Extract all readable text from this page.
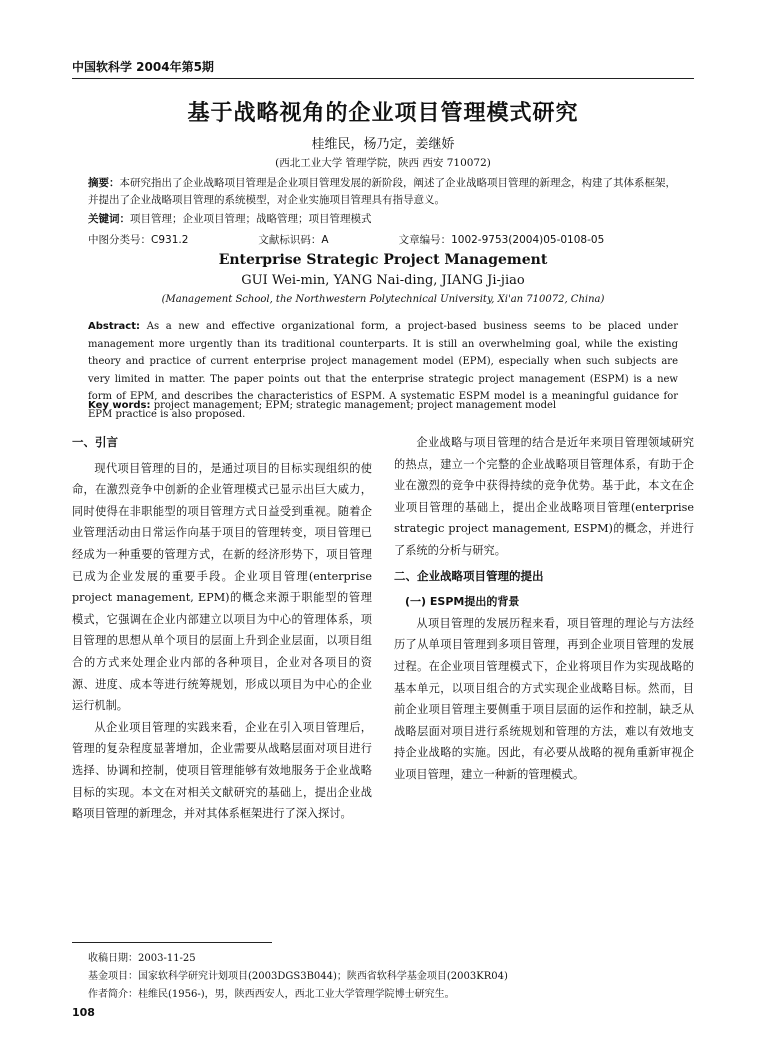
中国软科学 2004年第5期
基于战略视角的企业项目管理模式研究
桂维民，杨乃定，姜继娇
(西北工业大学 管理学院，陕西 西安 710072)
摘要：本研究指出了企业战略项目管理是企业项目管理发展的新阶段，阐述了企业战略项目管理的新理念，构建了其体系框架，并提出了企业战略项目管理的系统模型，对企业实施项目管理具有指导意义。
关键词：项目管理；企业项目管理；战略管理；项目管理模式
中图分类号：C931.2	文献标识码：A	文章编号：1002-9753(2004)05-0108-05
Enterprise Strategic Project Management
GUI Wei-min, YANG Nai-ding, JIANG Ji-jiao
(Management School, the Northwestern Polytechnical University, Xi'an 710072, China)
Abstract: As a new and effective organizational form, a project-based business seems to be placed under management more urgently than its traditional counterparts. It is still an overwhelming goal, while the existing theory and practice of current enterprise project management model (EPM), especially when such subjects are very limited in matter. The paper points out that the enterprise strategic project management (ESPM) is a new form of EPM, and describes the characteristics of ESPM. A systematic ESPM model is a meaningful guidance for EPM practice is also proposed.
Key words: project management; EPM; strategic management; project management model
一、引言

现代项目管理的目的，是通过项目的目标实现组织的使命，在激烈竞争中创新的企业管理模式已显示出巨大威力，同时使得在非职能型的项目管理方式日益受到重视。随着企业管理活动由日常运作向基于项目的管理转变，项目管理已经成为一种重要的管理方式，在新的经济形势下，项目管理已成为企业发展的重要手段。企业项目管理(enterprise project management, EPM)的概念来源于职能型的管理模式，它强调在企业内部建立以项目为中心的管理体系，项目管理的思想从单个项目的层面上升到企业层面，以项目组合的方式来处理企业内部的各种项目，企业对各项目的资源、进度、成本等进行统筹规划，形成以项目为中心的企业运行机制。

从企业项目管理的实践来看，企业在引入项目管理后，管理的复杂程度显著增加，企业需要从战略层面对项目进行选择、协调和控制，使项目管理能够有效地服务于企业战略目标的实现。本文在对相关文献研究的基础上，提出企业战略项目管理的新理念，并对其体系框架进行了深入探讨。

企业战略与项目管理的结合是近年来项目管理领域研究的热点，建立一个完整的企业战略项目管理体系，有助于企业在激烈的竞争中获得持续的竞争优势。基于此，本文在企业项目管理的基础上，提出企业战略项目管理(enterprise strategic project management, ESPM)的概念，并进行了系统的分析与研究。

二、企业战略项目管理的提出
(一) ESPM提出的背景

从项目管理的发展历程来看，项目管理的理论与方法经历了从单项目管理到多项目管理，再到企业项目管理的发展过程。在企业项目管理模式下，企业将项目作为实现战略的基本单元，以项目组合的方式实现企业战略目标。然而，目前企业项目管理主要侧重于项目层面的运作和控制，缺乏从战略层面对项目进行系统规划和管理的方法，难以有效地支持企业战略的实施。因此，有必要从战略的视角重新审视企业项目管理，建立一种新的管理模式。

收稿日期：2003-11-25
基金项目：国家软科学研究计划项目(2003DGS3B044)；陕西省软科学基金项目(2003KR04)
作者简介：桂维民(1956-)，男，陕西西安人，西北工业大学管理学院博士研究生。
108
